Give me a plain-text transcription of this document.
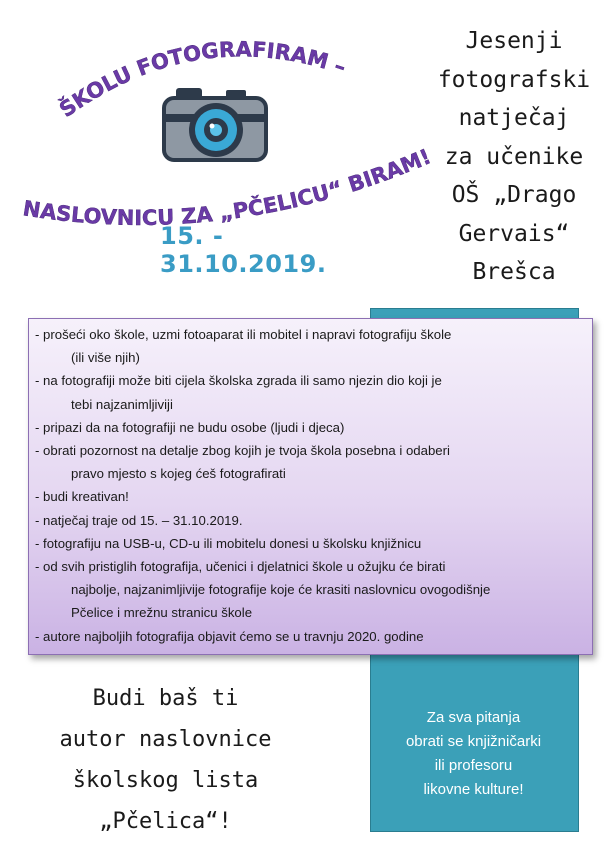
ŠKOLU FOTOGRAFIRAM –
NASLOVNICU ZA „PČELICU“ BIRAM!
15. - 31.10.2019.
Jesenji
fotografski
natječaj
za učenike
OŠ „Drago
Gervais“
Brešca
Za sva pitanja
obrati se knjižničarki
ili profesoru
likovne kulture!
- prošeći oko škole, uzmi fotoaparat ili mobitel i napravi fotografiju škole
(ili više njih)
- na fotografiji može biti cijela školska zgrada ili samo njezin dio koji je
tebi najzanimljiviji
- pripazi da na fotografiji ne budu osobe (ljudi i djeca)
- obrati pozornost na detalje zbog kojih je tvoja škola posebna i odaberi
pravo mjesto s kojeg ćeš fotografirati
- budi kreativan!
- natječaj traje od 15. – 31.10.2019.
- fotografiju na USB-u, CD-u ili mobitelu donesi u školsku knjižnicu
- od svih pristiglih fotografija, učenici i djelatnici škole u ožujku će birati
najbolje, najzanimljivije fotografije koje će krasiti naslovnicu ovogodišnje
Pčelice i mrežnu stranicu škole
- autore najboljih fotografija objavit ćemo se u travnju 2020. godine
Budi baš ti
autor naslovnice
školskog lista
„Pčelica“!
